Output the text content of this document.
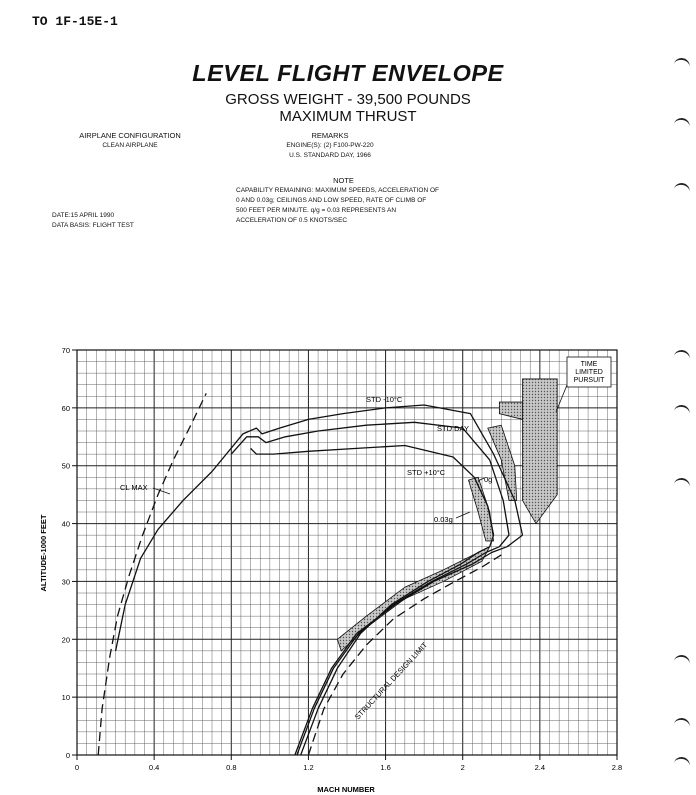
TO 1F-15E-1
LEVEL FLIGHT ENVELOPE
GROSS WEIGHT - 39,500 POUNDS
MAXIMUM THRUST
AIRPLANE CONFIGURATION
CLEAN AIRPLANE
REMARKS
ENGINE(S): (2) F100-PW-220
U.S. STANDARD DAY, 1966
NOTE
CAPABILITY REMAINING: MAXIMUM SPEEDS, ACCELERATION OF
0 AND 0.03g; CEILINGS AND LOW SPEED, RATE OF CLIMB OF
500 FEET PER MINUTE. q/g = 0.03 REPRESENTS AN
ACCELERATION OF 0.5 KNOTS/SEC
DATE:15 APRIL 1990
DATA BASIS: FLIGHT TEST
MACH NUMBER
ALTITUDE-1000 FEET
0	0.4	0.8	1.2	1.6	2	2.4	2.8
0
10
20
30
40
50
60
70
CL MAX
STD -10°C
STD DAY
STD +10°C
0g
0.03g
STRUCTURAL DESIGN LIMIT
TIME LIMITED PURSUIT
